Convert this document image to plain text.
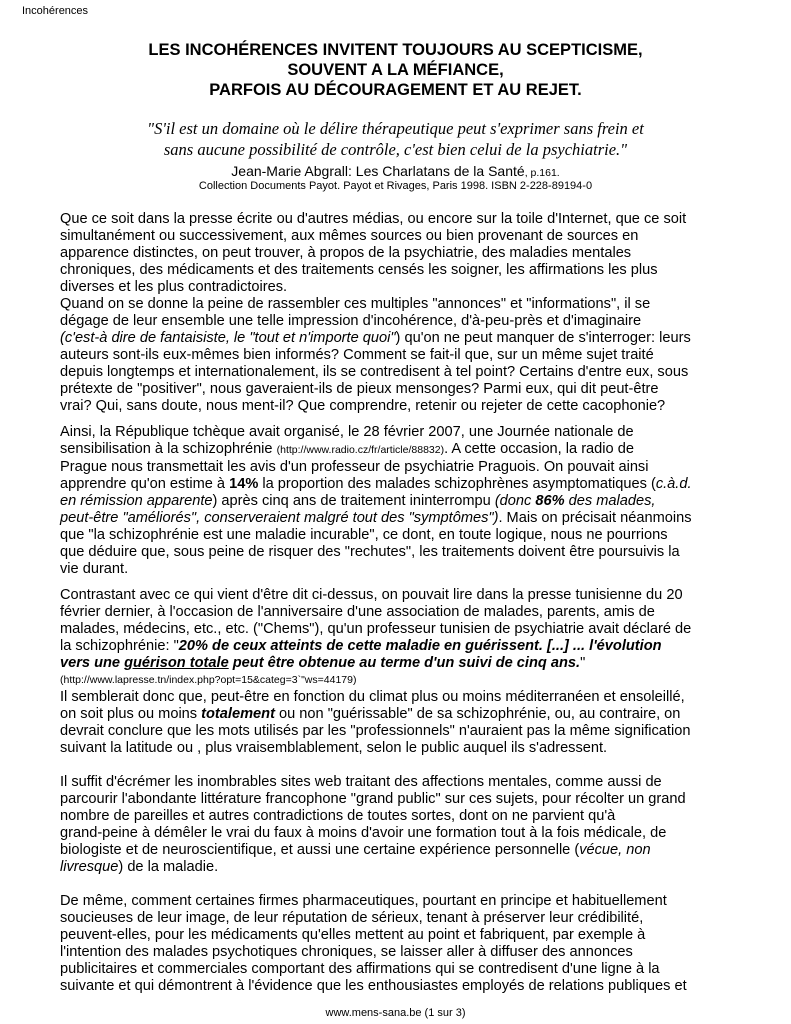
Incohérences
LES INCOHÉRENCES INVITENT TOUJOURS AU SCEPTICISME,
SOUVENT A LA MÉFIANCE,
PARFOIS AU DÉCOURAGEMENT ET AU REJET.
"S'il est un domaine où le délire thérapeutique peut s'exprimer sans frein et
sans aucune possibilité de contrôle, c'est bien celui de la psychiatrie."
Jean-Marie Abgrall: Les Charlatans de la Santé, p.161.
Collection Documents Payot. Payot et Rivages, Paris 1998. ISBN 2-228-89194-0

Que ce soit dans la presse écrite ou d'autres médias, ou encore sur la toile d'Internet, que ce soit
simultanément ou successivement, aux mêmes sources ou bien provenant de sources en
apparence distinctes, on peut trouver, à propos de la psychiatrie, des maladies mentales
chroniques, des médicaments et des traitements censés les soigner, les affirmations les plus
diverses et les plus contradictoires.

Quand on se donne la peine de rassembler ces multiples "annonces" et "informations", il se
dégage de leur ensemble une telle impression d'incohérence, d'à-peu-près et d'imaginaire
(c'est-à dire de fantaisiste, le "tout et n'importe quoi") qu'on ne peut manquer de s'interroger: leurs
auteurs sont-ils eux-mêmes bien informés? Comment se fait-il que, sur un même sujet traité
depuis longtemps et internationalement, ils se contredisent à tel point? Certains d'entre eux, sous
prétexte de "positiver", nous gaveraient-ils de pieux mensonges? Parmi eux, qui dit peut-être
vrai? Qui, sans doute, nous ment-il? Que comprendre, retenir ou rejeter de cette cacophonie?

Ainsi, la République tchèque avait organisé, le 28 février 2007, une Journée nationale de
sensibilisation à la schizophrénie (http://www.radio.cz/fr/article/88832). A cette occasion, la radio de
Prague nous transmettait les avis d'un professeur de psychiatrie Praguois. On pouvait ainsi
apprendre qu'on estime à 14% la proportion des malades schizophrènes asymptomatiques (c.à.d.
en rémission apparente) après cinq ans de traitement ininterrompu (donc 86% des malades,
peut-être "améliorés", conserveraient malgré tout des "symptômes"). Mais on précisait néanmoins
que "la schizophrénie est une maladie incurable", ce dont, en toute logique, nous ne pourrions
que déduire que, sous peine de risquer des "rechutes", les traitements doivent être poursuivis la
vie durant.

Contrastant avec ce qui vient d'être dit ci-dessus, on pouvait lire dans la presse tunisienne du 20
février dernier, à l'occasion de l'anniversaire d'une association de malades, parents, amis de
malades, médecins, etc., etc. ("Chems"), qu'un professeur tunisien de psychiatrie avait déclaré de
la schizophrénie: "20% de ceux atteints de cette maladie en guérissent. [...] ... l'évolution
vers une guérison totale peut être obtenue au terme d'un suivi de cinq ans."
(http://www.lapresse.tn/index.php?opt=15&categ=3`"ws=44179)
Il semblerait donc que, peut-être en fonction du climat plus ou moins méditerranéen et ensoleillé,
on soit plus ou moins totalement ou non "guérissable" de sa schizophrénie, ou, au contraire, on
devrait conclure que les mots utilisés par les "professionnels" n'auraient pas la même signification
suivant la latitude ou , plus vraisemblablement, selon le public auquel ils s'adressent.

Il suffit d'écrémer les inombrables sites web traitant des affections mentales, comme aussi de
parcourir l'abondante littérature francophone "grand public" sur ces sujets, pour récolter un grand
nombre de pareilles et autres contradictions de toutes sortes, dont on ne parvient qu'à
grand-peine à démêler le vrai du faux à moins d'avoir une formation tout à la fois médicale, de
biologiste et de neuroscientifique, et aussi une certaine expérience personnelle (vécue, non
livresque) de la maladie.

De même, comment certaines firmes pharmaceutiques, pourtant en principe et habituellement
soucieuses de leur image, de leur réputation de sérieux, tenant à préserver leur crédibilité,
peuvent-elles, pour les médicaments qu'elles mettent au point et fabriquent, par exemple à
l'intention des malades psychotiques chroniques, se laisser aller à diffuser des annonces
publicitaires et commerciales comportant des affirmations qui se contredisent d'une ligne à la
suivante et qui démontrent à l'évidence que les enthousiastes employés de relations publiques et

www.mens-sana.be (1 sur 3)
